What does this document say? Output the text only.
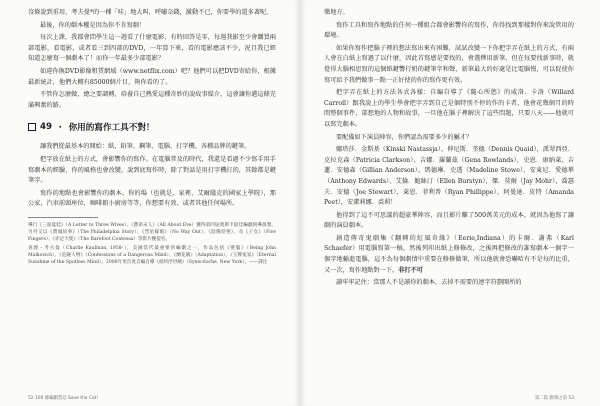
沒條說到重用，考夫曼*的一種「哇」地大叫，呼嘯奈錢，激動不已，你要學的還多著呢。

最後，你的劇本權是因為你不肯寫劇！

每次上課，我都會問學生這一週看了什麼電影，有時回答是零，每週我影至少會購買兩部電影，看電影，或者看三到四部的DVD，一年算下來，看的電影應該不少，況且我已經知道怎麼寫一個劇本了！而你一年最多少部電影？

如違你換DVD影像租賃網域（www.netflix.com）吧？他們可以把DVD寄給你，根據最新統計，他們大概有85000個片目，夠你看的了。

不管你怎麼做，總之要調轉，培養自己熱愛這種奇妙的說故事媒介，這會讓你邁這條充滿興奮的路。

49 ・ 你用的寫作工具不對！

讓我們從最基本的開始：紙、鉛筆、鋼筆、電腦、打字機、各種品牌的鍵筆。

把字放在紙上的方式，會影響你的寫作。在電腦普及的時代，我還是看過不少寫手用手寫劇本的經驗，你的風格也會改變，說到底寫作時，除了對話是用打字機打的，其餘都是鍵筆字。

寫作的地點也會影響你的劇本。你的場（也就是，家裡、艾爾薩克的國家上學院），那公家，汽車前頭座位，咖啡館小廚房等等，你想要有效、或者其他任何場所。

導行《三面夏娃》（A Letter to Three Wives）、《寶弟末人》（All About Eve）獲得第四屆奧斯卡最佳編劇與導演獎、另外又以《費城故事》（The Philadelphia Story）、《彗星嫁娘》（No Way Out）、《陰陽怪聖》、及《子女》（Five Fingers）、《赤足天使》（The Barefoot Contessa）等影片獲提名。

查理・考夫曼（Charlie Kaufman, 1958-），美國當代最重要的編劇之一，作品包括《變腦》（Being John Malkovich）、《危險人物》（Confessions of a Dangerous Mind）、《蘭花賊》（Adaptation）、《王牌冤家》（Eternal Sunshine of the Spotless Mind），2008年更首度自編自導《紐約浮世繪》（Synecdoche, New York）。——譯注

52 100 條編劇禁忌 Save the Cat!

樂地方。

寫作工具和寫作地點的任何一種組合都會影響你的寫作，你得找到那樣對你來說管用的環境。

如果你寫作把腦子裡的想法寫出來有困難，試試改變一下你把字弄在紙上的方式，有兩人會在白紙上寫過了以什麼，因此首寫感是要找的，會選擇用新筆，但在每要找新事時，就覺得大腦相思寫的這個紙鍵響行奶的鍵筆字和聲，新筆最大的好處是比電腦慢，可以促使你寫可給予我們做事一點一正好使的你的寫作更有效。

把字弄在紙上的方法各式各樣：自編自導了《隨心所慾》的威洛．卡洛（Willard Carroll）跟我說上的學生學會把字弄到自己是個特別不停的作的卡者，他會花幾個月的時間整個事件，部想地的人物和故事，一旦他在腦子裡解決了這些問題，只要八天——他就可以寫完劇本。

要配備如下演員陣容，你們認為需要多少的屬才？

娜塔莎．金斯基（Kinski Nastassja），伸尼斯．奎德（Dennis Quaid），派翠西亞．克拉克森（Patricia Clarkson），吉娜．羅蘭茲（Gena Rowlands），史恩．康納萊、吉蓮．安德森（Gillian Anderson），瑪德琳．史透（Madeline Stowe），安東尼．愛德華（Anthony Edwards），艾倫．鮑絲汀（Ellen Burstyn），傑．莫爾（Jay Mohr），喬瑟夫．安德（Joe Stewart），萊恩．菲利普（Ryan Phillippe），阿曼達．皮特（Amanda Peet），安潔莉娜．裘莉！

他得到了這不可思議的超豪華陣容，而且影片賺了500萬美元的成本，就因為他寫了讓劇的演員劇本。

創造傳奇鬼劇集《翻轉的紅風奇緣》（Eerie,Indiana）的卡爾．謝弗（Karl Schaefer）用電腦寫第一稿，然後列印出紙上修修改，之後再把修改的誰寫劇本一個字一個字地輸進電腦，這不為每個劇情中重要在修修做筆，所以他就會恐嚇哈有不是每的比重，又一次，寫作地點對一下。非打不可

讀牢牢記住：當那人不是讀你的劇本，去掉不需要的連字符劃開所的

第二篇 動筆之前 53
